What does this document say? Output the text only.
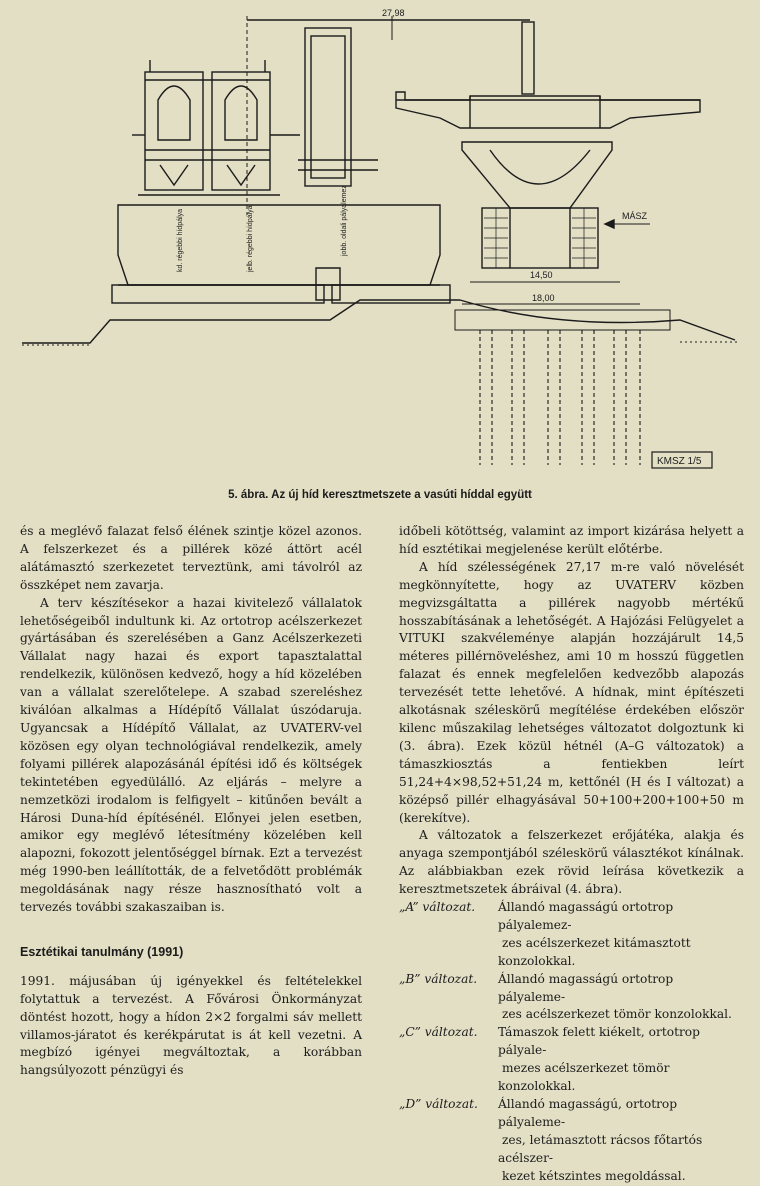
27,98
kd. régebbi hídpálya	jelb. régebbi hídpálya	jobb. oldali pályalemez
14,50
18,00
MÁSZ
KMSZ 1/5
5. ábra. Az új híd keresztmetszete a vasúti híddal együtt

és a meglévő falazat felső élének szintje közel azonos. A felszerkezet és a pillérek közé áttört acél alátámasztó szerkezetet terveztünk, ami távolról az összképet nem zavarja.

A terv készítésekor a hazai kivitelező vállalatok lehetőségeiből indultunk ki. Az ortotrop acélszerkezet gyártásában és szerelésében a Ganz Acélszerkezeti Vállalat nagy hazai és export tapasztalattal rendelkezik, különösen kedvező, hogy a híd közelében van a vállalat szerelőtelepe. A szabad szereléshez kiválóan alkalmas a Hídépítő Vállalat úszódaruja. Ugyancsak a Hídépítő Vállalat, az UVATERV-vel közösen egy olyan technológiával rendelkezik, amely folyami pillérek alapozásánál építési idő és költségek tekintetében egyedülálló. Az eljárás – melyre a nemzetközi irodalom is felfigyelt – kitűnően bevált a Hárosi Duna-híd építésénél. Előnyei jelen esetben, amikor egy meglévő létesítmény közelében kell alapozni, fokozott jelentőséggel bírnak. Ezt a tervezést még 1990-ben leállították, de a felvetődött problémák megoldásának nagy része hasznosítható volt a tervezés további szakaszaiban is.

Esztétikai tanulmány (1991)

1991. májusában új igényekkel és feltételekkel folytattuk a tervezést. A Fővárosi Önkormányzat döntést hozott, hogy a hídon 2×2 forgalmi sáv mellett villamos-járatot és kerékpárutat is át kell vezetni. A megbízó igényei megváltoztak, a korábban hangsúlyozott pénzügyi és

időbeli kötöttség, valamint az import kizárása helyett a híd esztétikai megjelenése került előtérbe.

A híd szélességének 27,17 m-re való növelését megkönnyítette, hogy az UVATERV közben megvizsgáltatta a pillérek nagyobb mértékű hosszabításának a lehetőségét. A Hajózási Felügyelet a VITUKI szakvéleménye alapján hozzájárult 14,5 méteres pillérnöveléshez, ami 10 m hosszú független falazat és ennek megfelelően kedvezőbb alapozás tervezését tette lehetővé. A hídnak, mint építészeti alkotásnak széleskörű megítélése érdekében először kilenc műszakilag lehetséges változatot dolgoztunk ki (3. ábra). Ezek közül hétnél (A–G változatok) a támaszkiosztás a fentiekben leírt 51,24+4×98,52+51,24 m, kettőnél (H és I változat) a középső pillér elhagyásával 50+100+200+100+50 m (kerekítve).

A változatok a felszerkezet erőjátéka, alakja és anyaga szempontjából széleskörű választékot kínálnak. Az alábbiakban ezek rövid leírása következik a keresztmetszetek ábráival (4. ábra).

„A” változat.	Állandó magasságú ortotrop pályalemez-
zes acélszerkezet kitámasztott konzolokkal.
„B” változat.	Állandó magasságú ortotrop pályaleme-
zes acélszerkezet tömör konzolokkal.
„C” változat.	Támaszok felett kiékelt, ortotrop pályale-
mezes acélszerkezet tömör konzolokkal.
„D” változat.	Állandó magasságú, ortotrop pályaleme-
zes, letámasztott rácsos főtartós acélszer-
kezet kétszintes megoldással.
